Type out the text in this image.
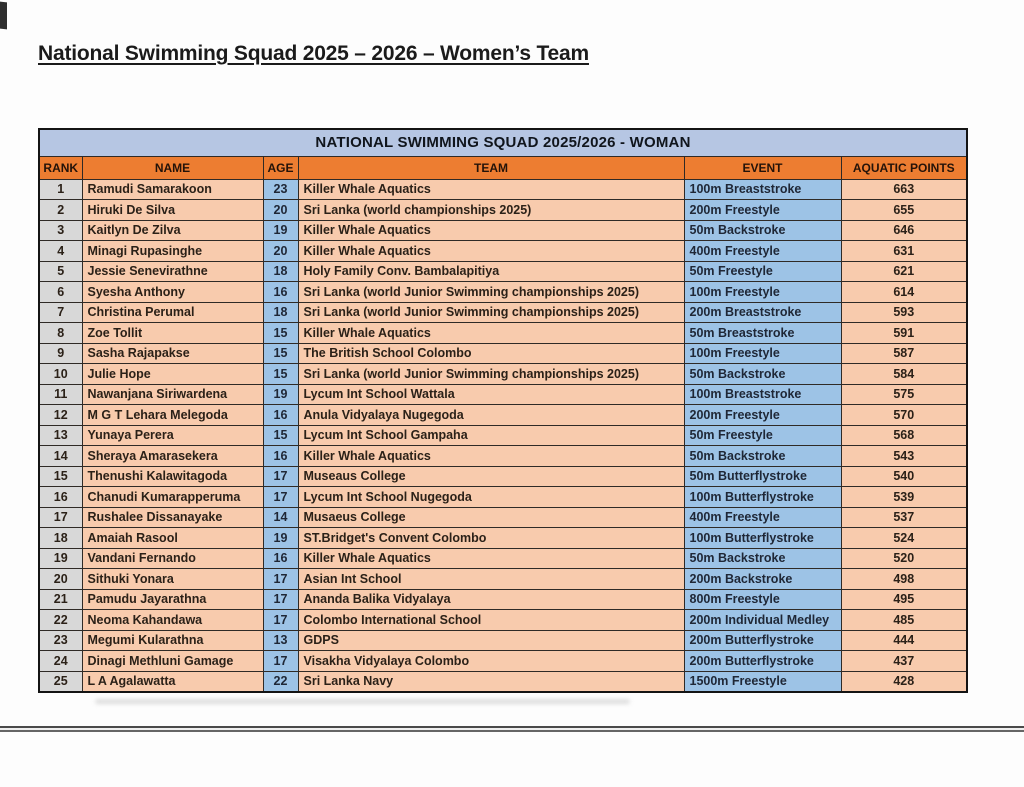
National Swimming Squad 2025 – 2026 – Women’s Team
NATIONAL SWIMMING SQUAD 2025/2026 - WOMAN					
RANK	NAME	AGE	TEAM	EVENT	AQUATIC POINTS
1	Ramudi Samarakoon	23	Killer Whale Aquatics	100m Breaststroke	663
2	Hiruki De Silva	20	Sri Lanka (world championships 2025)	200m Freestyle	655
3	Kaitlyn De Zilva	19	Killer Whale Aquatics	50m Backstroke	646
4	Minagi Rupasinghe	20	Killer Whale Aquatics	400m Freestyle	631
5	Jessie Senevirathne	18	Holy Family Conv. Bambalapitiya	50m Freestyle	621
6	Syesha Anthony	16	Sri Lanka (world Junior Swimming championships 2025)	100m Freestyle	614
7	Christina Perumal	18	Sri Lanka (world Junior Swimming championships 2025)	200m Breaststroke	593
8	Zoe Tollit	15	Killer Whale Aquatics	50m Breaststroke	591
9	Sasha Rajapakse	15	The British School Colombo	100m Freestyle	587
10	Julie Hope	15	Sri Lanka (world Junior Swimming championships 2025)	50m Backstroke	584
11	Nawanjana Siriwardena	19	Lycum Int School Wattala	100m Breaststroke	575
12	M G T Lehara Melegoda	16	Anula Vidyalaya Nugegoda	200m Freestyle	570
13	Yunaya Perera	15	Lycum Int School Gampaha	50m Freestyle	568
14	Sheraya Amarasekera	16	Killer Whale Aquatics	50m Backstroke	543
15	Thenushi Kalawitagoda	17	Museaus College	50m Butterflystroke	540
16	Chanudi Kumarapperuma	17	Lycum Int School Nugegoda	100m Butterflystroke	539
17	Rushalee Dissanayake	14	Musaeus College	400m Freestyle	537
18	Amaiah Rasool	19	ST.Bridget's Convent Colombo	100m Butterflystroke	524
19	Vandani Fernando	16	Killer Whale Aquatics	50m Backstroke	520
20	Sithuki Yonara	17	Asian Int School	200m Backstroke	498
21	Pamudu Jayarathna	17	Ananda Balika Vidyalaya	800m Freestyle	495
22	Neoma Kahandawa	17	Colombo International School	200m Individual Medley	485
23	Megumi Kularathna	13	GDPS	200m Butterflystroke	444
24	Dinagi Methluni Gamage	17	Visakha Vidyalaya Colombo	200m Butterflystroke	437
25	L A Agalawatta	22	Sri Lanka Navy	1500m Freestyle	428
